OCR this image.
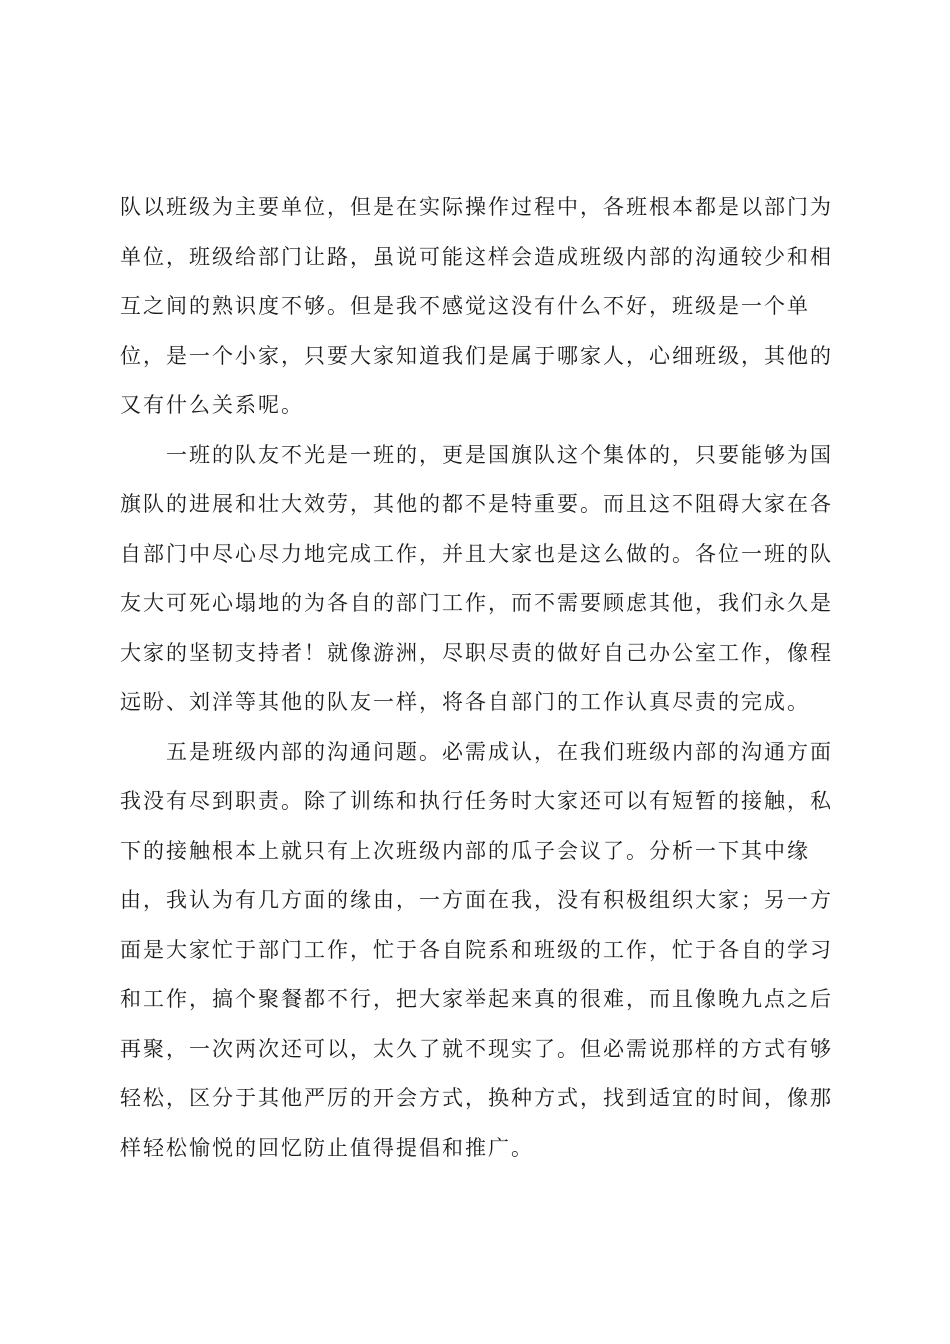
队以班级为主要单位，但是在实际操作过程中，各班根本都是以部门为
单位，班级给部门让路，虽说可能这样会造成班级内部的沟通较少和相
互之间的熟识度不够。但是我不感觉这没有什么不好，班级是一个单
位，是一个小家，只要大家知道我们是属于哪家人，心细班级，其他的
又有什么关系呢。
　　一班的队友不光是一班的，更是国旗队这个集体的，只要能够为国
旗队的进展和壮大效劳，其他的都不是特重要。而且这不阻碍大家在各
自部门中尽心尽力地完成工作，并且大家也是这么做的。各位一班的队
友大可死心塌地的为各自的部门工作，而不需要顾虑其他，我们永久是
大家的坚韧支持者！就像游洲，尽职尽责的做好自己办公室工作，像程
远盼、刘洋等其他的队友一样，将各自部门的工作认真尽责的完成。
　　五是班级内部的沟通问题。必需成认，在我们班级内部的沟通方面
我没有尽到职责。除了训练和执行任务时大家还可以有短暂的接触，私
下的接触根本上就只有上次班级内部的瓜子会议了。分析一下其中缘
由，我认为有几方面的缘由，一方面在我，没有积极组织大家；另一方
面是大家忙于部门工作，忙于各自院系和班级的工作，忙于各自的学习
和工作，搞个聚餐都不行，把大家举起来真的很难，而且像晚九点之后
再聚，一次两次还可以，太久了就不现实了。但必需说那样的方式有够
轻松，区分于其他严厉的开会方式，换种方式，找到适宜的时间，像那
样轻松愉悦的回忆防止值得提倡和推广。
